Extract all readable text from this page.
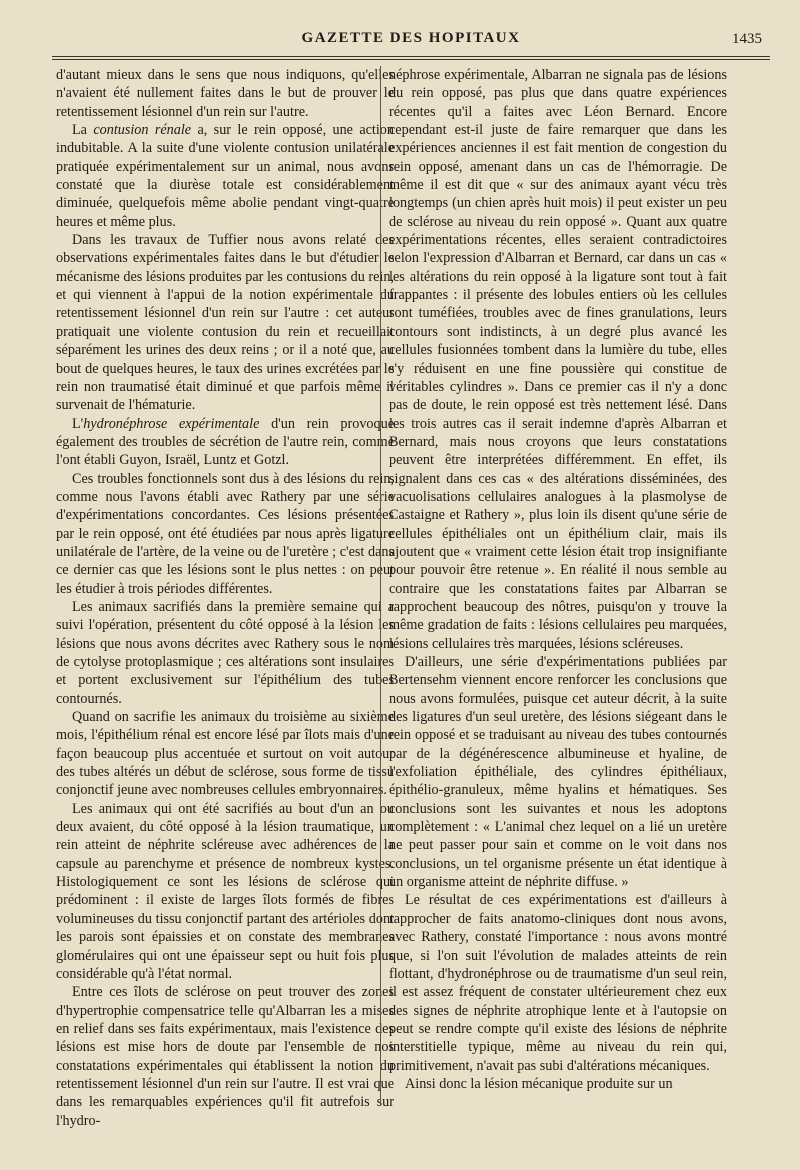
GAZETTE DES HOPITAUX	1435

d'autant mieux dans le sens que nous indiquons, qu'elles n'avaient été nullement faites dans le but de prouver le retentissement lésionnel d'un rein sur l'autre.

La contusion rénale a, sur le rein opposé, une action indubitable. A la suite d'une violente contusion unilatérale pratiquée expérimentalement sur un animal, nous avons constaté que la diurèse totale est considérablement diminuée, quelquefois même abolie pendant vingt-quatre heures et même plus.

Dans les travaux de Tuffier nous avons relaté des observations expérimentales faites dans le but d'étudier le mécanisme des lésions produites par les contusions du rein, et qui viennent à l'appui de la notion expérimentale du retentissement lésionnel d'un rein sur l'autre : cet auteur pratiquait une violente contusion du rein et recueillait séparément les urines des deux reins ; or il a noté que, au bout de quelques heures, le taux des urines excrétées par le rein non traumatisé était diminué et que parfois même il survenait de l'hématurie.

L'hydronéphrose expérimentale d'un rein provoque également des troubles de sécrétion de l'autre rein, comme l'ont établi Guyon, Israël, Luntz et Gotzl.

Ces troubles fonctionnels sont dus à des lésions du rein, comme nous l'avons établi avec Rathery par une série d'expérimentations concordantes. Ces lésions présentées par le rein opposé, ont été étudiées par nous après ligature unilatérale de l'artère, de la veine ou de l'uretère ; c'est dans ce dernier cas que les lésions sont le plus nettes : on peut les étudier à trois périodes différentes.

Les animaux sacrifiés dans la première semaine qui a suivi l'opération, présentent du côté opposé à la lésion les lésions que nous avons décrites avec Rathery sous le nom de cytolyse protoplasmique ; ces altérations sont insulaires et portent exclusivement sur l'épithélium des tubes contournés.

Quand on sacrifie les animaux du troisième au sixième mois, l'épithélium rénal est encore lésé par îlots mais d'une façon beaucoup plus accentuée et surtout on voit autour des tubes altérés un début de sclérose, sous forme de tissu conjonctif jeune avec nombreuses cellules embryonnaires.

Les animaux qui ont été sacrifiés au bout d'un an ou deux avaient, du côté opposé à la lésion traumatique, un rein atteint de néphrite scléreuse avec adhérences de la capsule au parenchyme et présence de nombreux kystes. Histologiquement ce sont les lésions de sclérose qui prédominent : il existe de larges îlots formés de fibres volumineuses du tissu conjonctif partant des artérioles dont les parois sont épaissies et on constate des membranes glomérulaires qui ont une épaisseur sept ou huit fois plus considérable qu'à l'état normal.

Entre ces îlots de sclérose on peut trouver des zones d'hypertrophie compensatrice telle qu'Albarran les a mises en relief dans ses faits expérimentaux, mais l'existence des lésions est mise hors de doute par l'ensemble de nos constatations expérimentales qui établissent la notion du retentissement lésionnel d'un rein sur l'autre. Il est vrai que dans les remarquables expériences qu'il fit autrefois sur l'hydro-

néphrose expérimentale, Albarran ne signala pas de lésions du rein opposé, pas plus que dans quatre expériences récentes qu'il a faites avec Léon Bernard. Encore cependant est-il juste de faire remarquer que dans les expériences anciennes il est fait mention de congestion du rein opposé, amenant dans un cas de l'hémorragie. De même il est dit que « sur des animaux ayant vécu très longtemps (un chien après huit mois) il peut exister un peu de sclérose au niveau du rein opposé ». Quant aux quatre expérimentations récentes, elles seraient contradictoires selon l'expression d'Albarran et Bernard, car dans un cas « les altérations du rein opposé à la ligature sont tout à fait frappantes : il présente des lobules entiers où les cellules sont tuméfiées, troubles avec de fines granulations, leurs contours sont indistincts, à un degré plus avancé les cellules fusionnées tombent dans la lumière du tube, elles s'y réduisent en une fine poussière qui constitue de véritables cylindres ». Dans ce premier cas il n'y a donc pas de doute, le rein opposé est très nettement lésé. Dans les trois autres cas il serait indemne d'après Albarran et Bernard, mais nous croyons que leurs constatations peuvent être interprétées différemment. En effet, ils signalent dans ces cas « des altérations disséminées, des vacuolisations cellulaires analogues à la plasmolyse de Castaigne et Rathery », plus loin ils disent qu'une série de cellules épithéliales ont un épithélium clair, mais ils ajoutent que « vraiment cette lésion était trop insignifiante pour pouvoir être retenue ». En réalité il nous semble au contraire que les constatations faites par Albarran se rapprochent beaucoup des nôtres, puisqu'on y trouve la même gradation de faits : lésions cellulaires peu marquées, lésions cellulaires très marquées, lésions scléreuses.

D'ailleurs, une série d'expérimentations publiées par Bertensehm viennent encore renforcer les conclusions que nous avons formulées, puisque cet auteur décrit, à la suite des ligatures d'un seul uretère, des lésions siégeant dans le rein opposé et se traduisant au niveau des tubes contournés par de la dégénérescence albumineuse et hyaline, de l'exfoliation épithéliale, des cylindres épithéliaux, épithélio-granuleux, même hyalins et hématiques. Ses conclusions sont les suivantes et nous les adoptons complètement : « L'animal chez lequel on a lié un uretère ne peut passer pour sain et comme on le voit dans nos conclusions, un tel organisme présente un état identique à un organisme atteint de néphrite diffuse. »

Le résultat de ces expérimentations est d'ailleurs à rapprocher de faits anatomo-cliniques dont nous avons, avec Rathery, constaté l'importance : nous avons montré que, si l'on suit l'évolution de malades atteints de rein flottant, d'hydronéphrose ou de traumatisme d'un seul rein, il est assez fréquent de constater ultérieurement chez eux des signes de néphrite atrophique lente et à l'autopsie on peut se rendre compte qu'il existe des lésions de néphrite interstitielle typique, même au niveau du rein qui, primitivement, n'avait pas subi d'altérations mécaniques.

Ainsi donc la lésion mécanique produite sur un
